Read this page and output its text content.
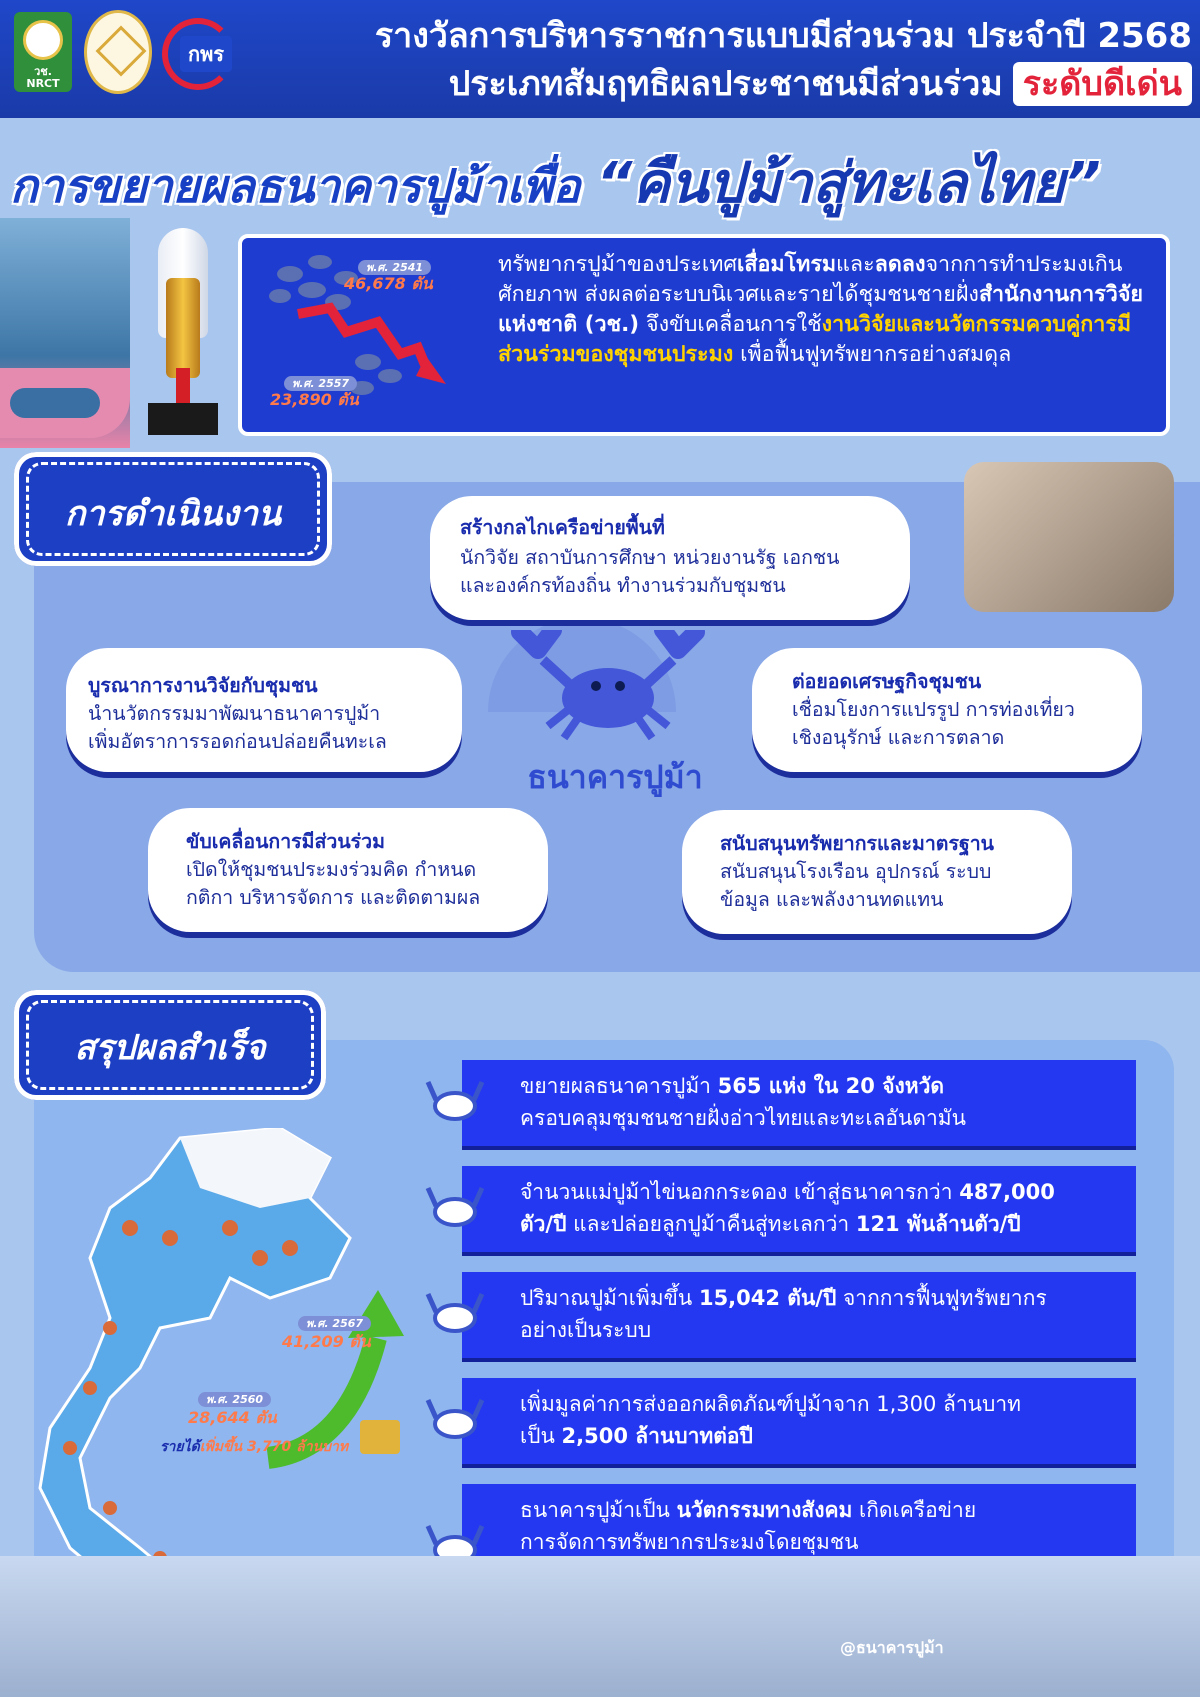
วช.
NRCT
กพร	รางวัลการบริหารราชการแบบมีส่วนร่วม ประจำปี 2568
ประเภทสัมฤทธิผลประชาชนมีส่วนร่วม ระดับดีเด่น
การขยายผลธนาคารปูม้าเพื่อ “คืนปูม้าสู่ทะเลไทย”
พ.ศ. 2541
46,678 ตัน
พ.ศ. 2557
23,890 ตัน
ทรัพยากรปูม้าของประเทศเสื่อมโทรมและลดลงจากการทำประมงเกินศักยภาพ ส่งผลต่อระบบนิเวศและรายได้ชุมชนชายฝั่งสำนักงานการวิจัยแห่งชาติ (วช.) จึงขับเคลื่อนการใช้งานวิจัยและนวัตกรรมควบคู่การมีส่วนร่วมของชุมชนประมง เพื่อฟื้นฟูทรัพยากรอย่างสมดุล
การดำเนินงาน
ธนาคารปูม้า
สร้างกลไกเครือข่ายพื้นที่
นักวิจัย สถาบันการศึกษา หน่วยงานรัฐ เอกชน
และองค์กรท้องถิ่น ทำงานร่วมกับชุมชน
บูรณาการงานวิจัยกับชุมชน
นำนวัตกรรมมาพัฒนาธนาคารปูม้า
เพิ่มอัตราการรอดก่อนปล่อยคืนทะเล
ต่อยอดเศรษฐกิจชุมชน
เชื่อมโยงการแปรรูป การท่องเที่ยว
เชิงอนุรักษ์ และการตลาด
ขับเคลื่อนการมีส่วนร่วม
เปิดให้ชุมชนประมงร่วมคิด กำหนด
กติกา บริหารจัดการ และติดตามผล
สนับสนุนทรัพยากรและมาตรฐาน
สนับสนุนโรงเรือน อุปกรณ์ ระบบ
ข้อมูล และพลังงานทดแทน
สรุปผลสำเร็จ
พ.ศ. 2567
41,209 ตัน
พ.ศ. 2560
28,644 ตัน
รายได้เพิ่มขึ้น 3,770 ล้านบาท
ขยายผลธนาคารปูม้า 565 แห่ง ใน 20 จังหวัด
ครอบคลุมชุมชนชายฝั่งอ่าวไทยและทะเลอันดามัน
จำนวนแม่ปูม้าไข่นอกกระดอง เข้าสู่ธนาคารกว่า 487,000
ตัว/ปี และปล่อยลูกปูม้าคืนสู่ทะเลกว่า 121 พันล้านตัว/ปี
ปริมาณปูม้าเพิ่มขึ้น 15,042 ตัน/ปี จากการฟื้นฟูทรัพยากร
อย่างเป็นระบบ
เพิ่มมูลค่าการส่งออกผลิตภัณฑ์ปูม้าจาก 1,300 ล้านบาท
เป็น 2,500 ล้านบาทต่อปี
ธนาคารปูม้าเป็น นวัตกรรมทางสังคม เกิดเครือข่าย
การจัดการทรัพยากรประมงโดยชุมชน
@ธนาคารปูม้า
